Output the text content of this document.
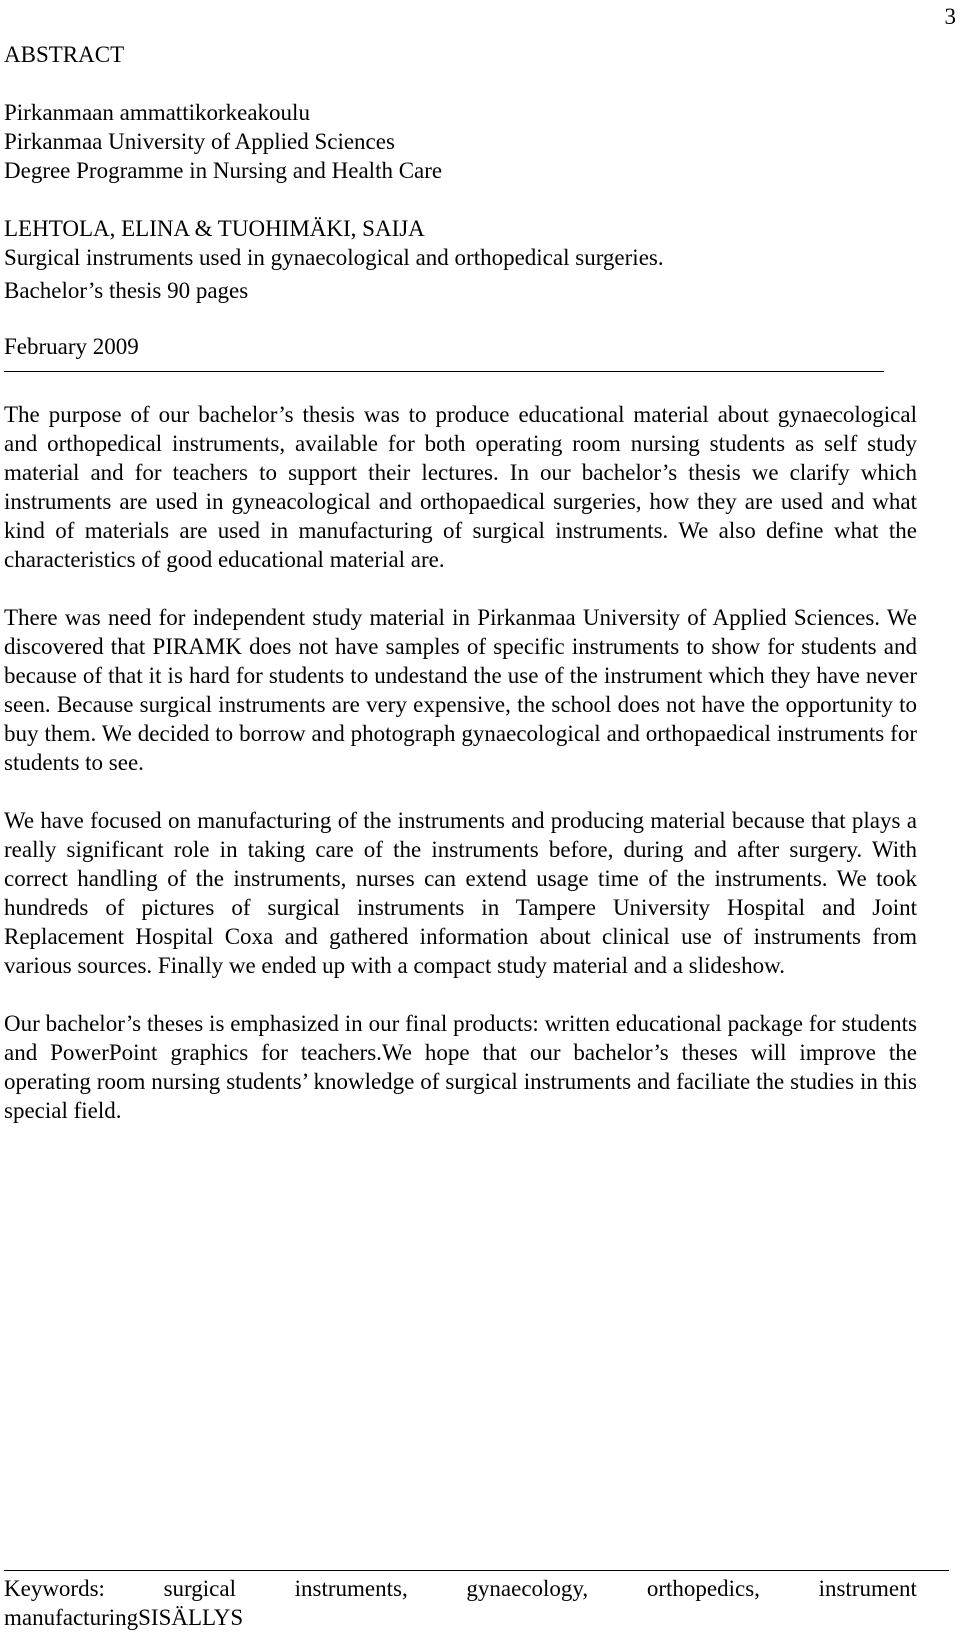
3
ABSTRACT
Pirkanmaan ammattikorkeakoulu
Pirkanmaa University of Applied Sciences
Degree Programme in Nursing and Health Care
LEHTOLA, ELINA & TUOHIMÄKI, SAIJA
Surgical instruments used in gynaecological and orthopedical surgeries.
Bachelor’s thesis 90 pages
February 2009

The purpose of our bachelor’s thesis was to produce educational material about gynaecological and orthopedical instruments, available for both operating room nursing students as self study material and for teachers to support their lectures. In our bachelor’s thesis we clarify which instruments are used in gyneacological and orthopaedical surgeries, how they are used and what kind of materials are used in manufacturing of surgical instruments. We also define what the characteristics of good educational material are.

There was need for independent study material in Pirkanmaa University of Applied Sciences. We discovered that PIRAMK does not have samples of specific instruments to show for students and because of that it is hard for students to undestand the use of the instrument which they have never seen. Because surgical instruments are very expensive, the school does not have the opportunity to buy them. We decided to borrow and photograph gynaecological and orthopaedical instruments for students to see.

We have focused on manufacturing of the instruments and producing material because that plays a really significant role in taking care of the instruments before, during and after surgery. With correct handling of the instruments, nurses can extend usage time of the instruments. We took hundreds of pictures of surgical instruments in Tampere University Hospital and Joint Replacement Hospital Coxa and gathered information about clinical use of instruments from various sources. Finally we ended up with a compact study material and a slideshow.

Our bachelor’s theses is emphasized in our final products: written educational package for students and PowerPoint graphics for teachers.We hope that our bachelor’s theses will improve the operating room nursing students’ knowledge of surgical instruments and faciliate the studies in this special field.

Keywords:	surgical	instruments,	gynaecology,	orthopedics,	instrument
manufacturingSISÄLLYS
